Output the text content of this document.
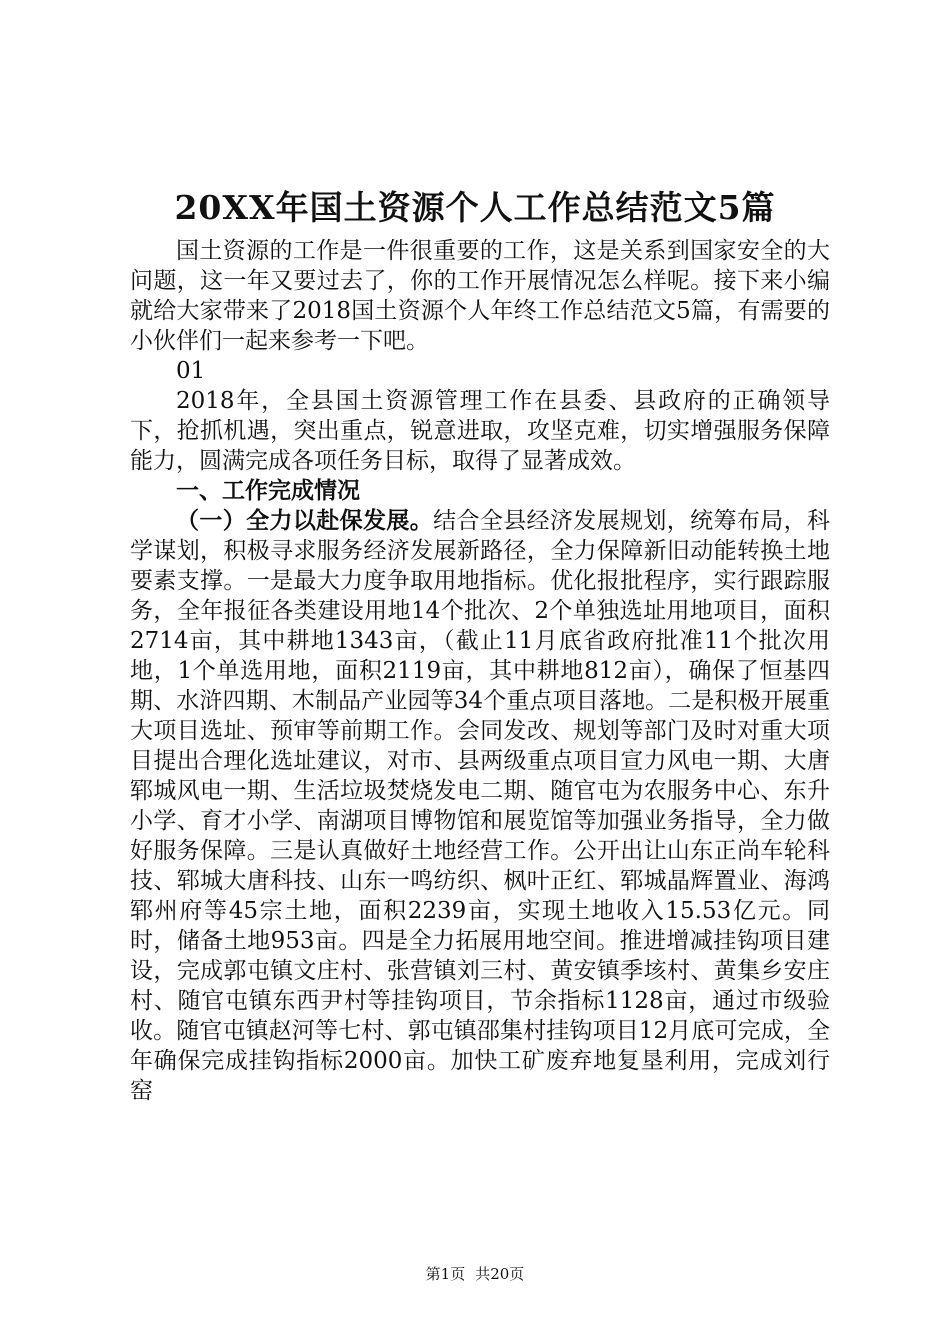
20XX年国土资源个人工作总结范文5篇

国土资源的工作是一件很重要的工作，这是关系到国家安全的大问题，这一年又要过去了，你的工作开展情况怎么样呢。接下来小编就给大家带来了2018国土资源个人年终工作总结范文5篇，有需要的小伙伴们一起来参考一下吧。

01

2018年，全县国土资源管理工作在县委、县政府的正确领导下，抢抓机遇，突出重点，锐意进取，攻坚克难，切实增强服务保障能力，圆满完成各项任务目标，取得了显著成效。

一、工作完成情况

（一）全力以赴保发展。结合全县经济发展规划，统筹布局，科学谋划，积极寻求服务经济发展新路径，全力保障新旧动能转换土地要素支撑。一是最大力度争取用地指标。优化报批程序，实行跟踪服务，全年报征各类建设用地14个批次、2个单独选址用地项目，面积2714亩，其中耕地1343亩，（截止11月底省政府批准11个批次用地，1个单选用地，面积2119亩，其中耕地812亩），确保了恒基四期、水浒四期、木制品产业园等34个重点项目落地。二是积极开展重大项目选址、预审等前期工作。会同发改、规划等部门及时对重大项目提出合理化选址建议，对市、县两级重点项目宣力风电一期、大唐郓城风电一期、生活垃圾焚烧发电二期、随官屯为农服务中心、东升小学、育才小学、南湖项目博物馆和展览馆等加强业务指导，全力做好服务保障。三是认真做好土地经营工作。公开出让山东正尚车轮科技、郓城大唐科技、山东一鸣纺织、枫叶正红、郓城晶辉置业、海鸿郓州府等45宗土地，面积2239亩，实现土地收入15.53亿元。同时，储备土地953亩。四是全力拓展用地空间。推进增减挂钩项目建设，完成郭屯镇文庄村、张营镇刘三村、黄安镇季垓村、黄集乡安庄村、随官屯镇东西尹村等挂钩项目，节余指标1128亩，通过市级验收。随官屯镇赵河等七村、郭屯镇邵集村挂钩项目12月底可完成，全年确保完成挂钩指标2000亩。加快工矿废弃地复垦利用，完成刘行窑

第1页 共20页
